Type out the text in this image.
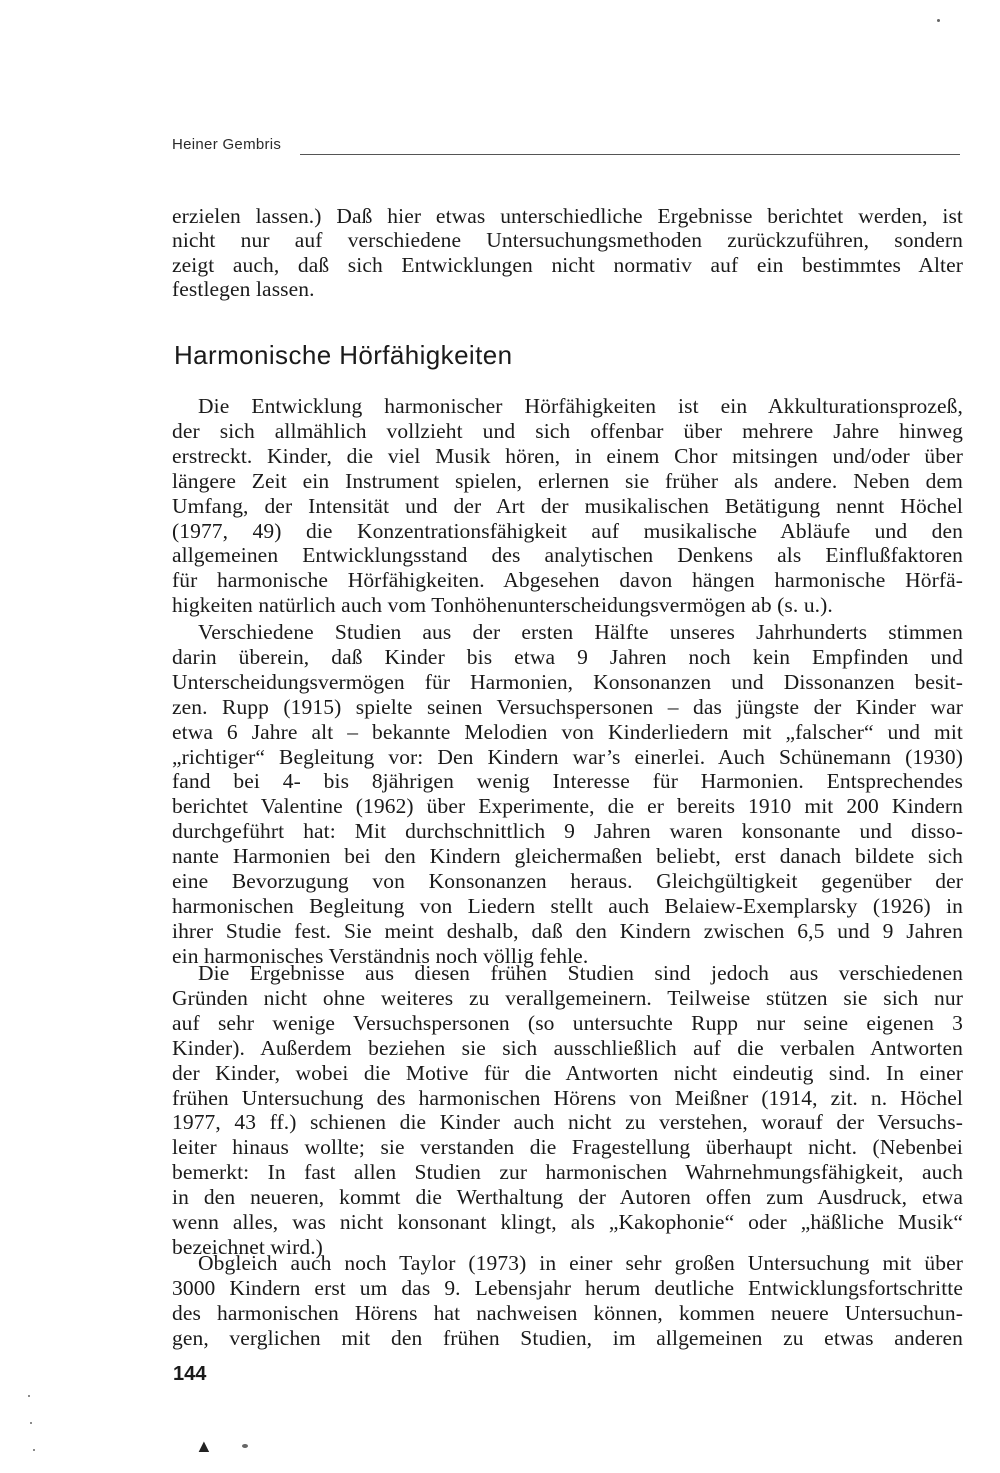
Heiner Gembris
erzielen lassen.) Daß hier etwas unterschiedliche Ergebnisse berichtet werden, ist
nicht nur auf verschiedene Untersuchungsmethoden zurückzuführen, sondern
zeigt auch, daß sich Entwicklungen nicht normativ auf ein bestimmtes Alter
festlegen lassen.
Harmonische Hörfähigkeiten
Die Entwicklung harmonischer Hörfähigkeiten ist ein Akkulturationsprozeß,
der sich allmählich vollzieht und sich offenbar über mehrere Jahre hinweg
erstreckt. Kinder, die viel Musik hören, in einem Chor mitsingen und/oder über
längere Zeit ein Instrument spielen, erlernen sie früher als andere. Neben dem
Umfang, der Intensität und der Art der musikalischen Betätigung nennt Höchel
(1977, 49) die Konzentrationsfähigkeit auf musikalische Abläufe und den
allgemeinen Entwicklungsstand des analytischen Denkens als Einflußfaktoren
für harmonische Hörfähigkeiten. Abgesehen davon hängen harmonische Hörfä-
higkeiten natürlich auch vom Tonhöhenunterscheidungsvermögen ab (s. u.).
Verschiedene Studien aus der ersten Hälfte unseres Jahrhunderts stimmen
darin überein, daß Kinder bis etwa 9 Jahren noch kein Empfinden und
Unterscheidungsvermögen für Harmonien, Konsonanzen und Dissonanzen besit-
zen. Rupp (1915) spielte seinen Versuchspersonen – das jüngste der Kinder war
etwa 6 Jahre alt – bekannte Melodien von Kinderliedern mit „falscher“ und mit
„richtiger“ Begleitung vor: Den Kindern war’s einerlei. Auch Schünemann (1930)
fand bei 4- bis 8jährigen wenig Interesse für Harmonien. Entsprechendes
berichtet Valentine (1962) über Experimente, die er bereits 1910 mit 200 Kindern
durchgeführt hat: Mit durchschnittlich 9 Jahren waren konsonante und disso-
nante Harmonien bei den Kindern gleichermaßen beliebt, erst danach bildete sich
eine Bevorzugung von Konsonanzen heraus. Gleichgültigkeit gegenüber der
harmonischen Begleitung von Liedern stellt auch Belaiew-Exemplarsky (1926) in
ihrer Studie fest. Sie meint deshalb, daß den Kindern zwischen 6,5 und 9 Jahren
ein harmonisches Verständnis noch völlig fehle.
Die Ergebnisse aus diesen frühen Studien sind jedoch aus verschiedenen
Gründen nicht ohne weiteres zu verallgemeinern. Teilweise stützen sie sich nur
auf sehr wenige Versuchspersonen (so untersuchte Rupp nur seine eigenen 3
Kinder). Außerdem beziehen sie sich ausschließlich auf die verbalen Antworten
der Kinder, wobei die Motive für die Antworten nicht eindeutig sind. In einer
frühen Untersuchung des harmonischen Hörens von Meißner (1914, zit. n. Höchel
1977, 43 ff.) schienen die Kinder auch nicht zu verstehen, worauf der Versuchs-
leiter hinaus wollte; sie verstanden die Fragestellung überhaupt nicht. (Nebenbei
bemerkt: In fast allen Studien zur harmonischen Wahrnehmungsfähigkeit, auch
in den neueren, kommt die Werthaltung der Autoren offen zum Ausdruck, etwa
wenn alles, was nicht konsonant klingt, als „Kakophonie“ oder „häßliche Musik“
bezeichnet wird.)
Obgleich auch noch Taylor (1973) in einer sehr großen Untersuchung mit über
3000 Kindern erst um das 9. Lebensjahr herum deutliche Entwicklungsfortschritte
des harmonischen Hörens hat nachweisen können, kommen neuere Untersuchun-
gen, verglichen mit den frühen Studien, im allgemeinen zu etwas anderen
144
▲
